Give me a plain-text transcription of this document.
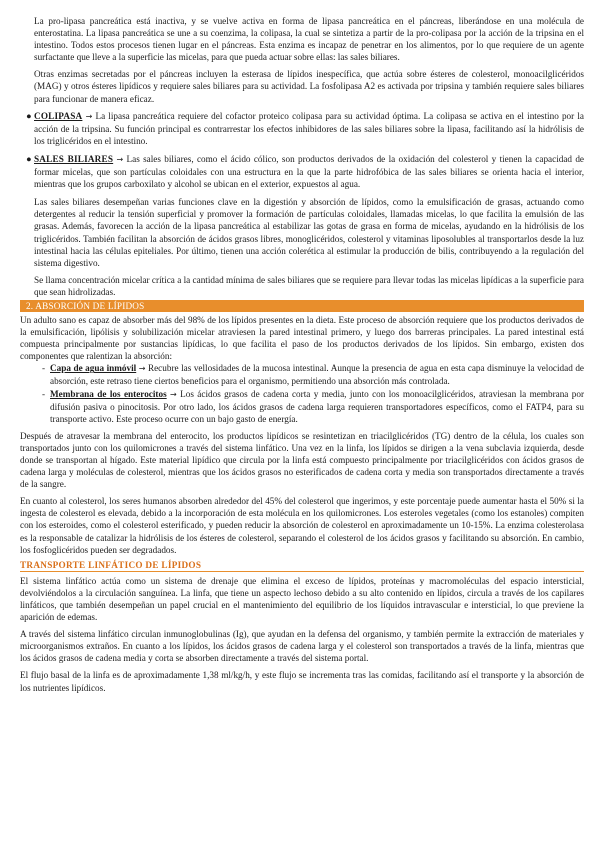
La pro-lipasa pancreática está inactiva, y se vuelve activa en forma de lipasa pancreática en el páncreas, liberándose en una molécula de enterostatina. La lipasa pancreática se une a su coenzima, la colipasa, la cual se sintetiza a partir de la pro-colipasa por la acción de la tripsina en el intestino. Todos estos procesos tienen lugar en el páncreas. Esta enzima es incapaz de penetrar en los alimentos, por lo que requiere de un agente surfactante que lleve a la superficie las micelas, para que pueda actuar sobre ellas: las sales biliares.

Otras enzimas secretadas por el páncreas incluyen la esterasa de lípidos inespecífica, que actúa sobre ésteres de colesterol, monoacilglicéridos (MAG) y otros ésteres lipídicos y requiere sales biliares para su actividad. La fosfolipasa A2 es activada por tripsina y también requiere sales biliares para funcionar de manera eficaz.

● COLIPASA → La lipasa pancreática requiere del cofactor proteico colipasa para su actividad óptima. La colipasa se activa en el intestino por la acción de la tripsina. Su función principal es contrarrestar los efectos inhibidores de las sales biliares sobre la lipasa, facilitando así la hidrólisis de los triglicéridos en el intestino.
● SALES BILIARES → Las sales biliares, como el ácido cólico, son productos derivados de la oxidación del colesterol y tienen la capacidad de formar micelas, que son partículas coloidales con una estructura en la que la parte hidrofóbica de las sales biliares se orienta hacia el interior, mientras que los grupos carboxilato y alcohol se ubican en el exterior, expuestos al agua.

Las sales biliares desempeñan varias funciones clave en la digestión y absorción de lípidos, como la emulsificación de grasas, actuando como detergentes al reducir la tensión superficial y promover la formación de partículas coloidales, llamadas micelas, lo que facilita la emulsión de las grasas. Además, favorecen la acción de la lipasa pancreática al estabilizar las gotas de grasa en forma de micelas, ayudando en la hidrólisis de los triglicéridos. También facilitan la absorción de ácidos grasos libres, monoglicéridos, colesterol y vitaminas liposolubles al transportarlos desde la luz intestinal hacia las células epiteliales. Por último, tienen una acción colerética al estimular la producción de bilis, contribuyendo a la regulación del sistema digestivo.

Se llama concentración micelar crítica a la cantidad mínima de sales biliares que se requiere para llevar todas las micelas lipídicas a la superficie para que sean hidrolizadas.

2. ABSORCIÓN DE LÍPIDOS

Un adulto sano es capaz de absorber más del 98% de los lípidos presentes en la dieta. Este proceso de absorción requiere que los productos derivados de la emulsificación, lipólisis y solubilización micelar atraviesen la pared intestinal primero, y luego dos barreras principales. La pared intestinal está compuesta principalmente por sustancias lipídicas, lo que facilita el paso de los productos derivados de los lípidos. Sin embargo, existen dos componentes que ralentizan la absorción:

- Capa de agua inmóvil → Recubre las vellosidades de la mucosa intestinal. Aunque la presencia de agua en esta capa disminuye la velocidad de absorción, este retraso tiene ciertos beneficios para el organismo, permitiendo una absorción más controlada.
- Membrana de los enterocitos → Los ácidos grasos de cadena corta y media, junto con los monoacilglicéridos, atraviesan la membrana por difusión pasiva o pinocitosis. Por otro lado, los ácidos grasos de cadena larga requieren transportadores específicos, como el FATP4, para su transporte activo. Este proceso ocurre con un bajo gasto de energía.

Después de atravesar la membrana del enterocito, los productos lipídicos se resintetizan en triacilglicéridos (TG) dentro de la célula, los cuales son transportados junto con los quilomicrones a través del sistema linfático. Una vez en la linfa, los lípidos se dirigen a la vena subclavia izquierda, desde donde se transportan al hígado. Este material lipídico que circula por la linfa está compuesto principalmente por triacilglicéridos con ácidos grasos de cadena larga y moléculas de colesterol, mientras que los ácidos grasos no esterificados de cadena corta y media son transportados directamente a través de la sangre.

En cuanto al colesterol, los seres humanos absorben alrededor del 45% del colesterol que ingerimos, y este porcentaje puede aumentar hasta el 50% si la ingesta de colesterol es elevada, debido a la incorporación de esta molécula en los quilomicrones. Los esteroles vegetales (como los estanoles) compiten con los esteroides, como el colesterol esterificado, y pueden reducir la absorción de colesterol en aproximadamente un 10-15%. La enzima colesterolasa es la responsable de catalizar la hidrólisis de los ésteres de colesterol, separando el colesterol de los ácidos grasos y facilitando su absorción. En cambio, los fosfoglicéridos pueden ser degradados.

TRANSPORTE LINFÁTICO DE LÍPIDOS

El sistema linfático actúa como un sistema de drenaje que elimina el exceso de lípidos, proteínas y macromoléculas del espacio intersticial, devolviéndolos a la circulación sanguínea. La linfa, que tiene un aspecto lechoso debido a su alto contenido en lípidos, circula a través de los capilares linfáticos, que también desempeñan un papel crucial en el mantenimiento del equilibrio de los líquidos intravascular e intersticial, lo que previene la aparición de edemas.

A través del sistema linfático circulan inmunoglobulinas (Ig), que ayudan en la defensa del organismo, y también permite la extracción de materiales y microorganismos extraños. En cuanto a los lípidos, los ácidos grasos de cadena larga y el colesterol son transportados a través de la linfa, mientras que los ácidos grasos de cadena media y corta se absorben directamente a través del sistema portal.

El flujo basal de la linfa es de aproximadamente 1,38 ml/kg/h, y este flujo se incrementa tras las comidas, facilitando así el transporte y la absorción de los nutrientes lipídicos.
